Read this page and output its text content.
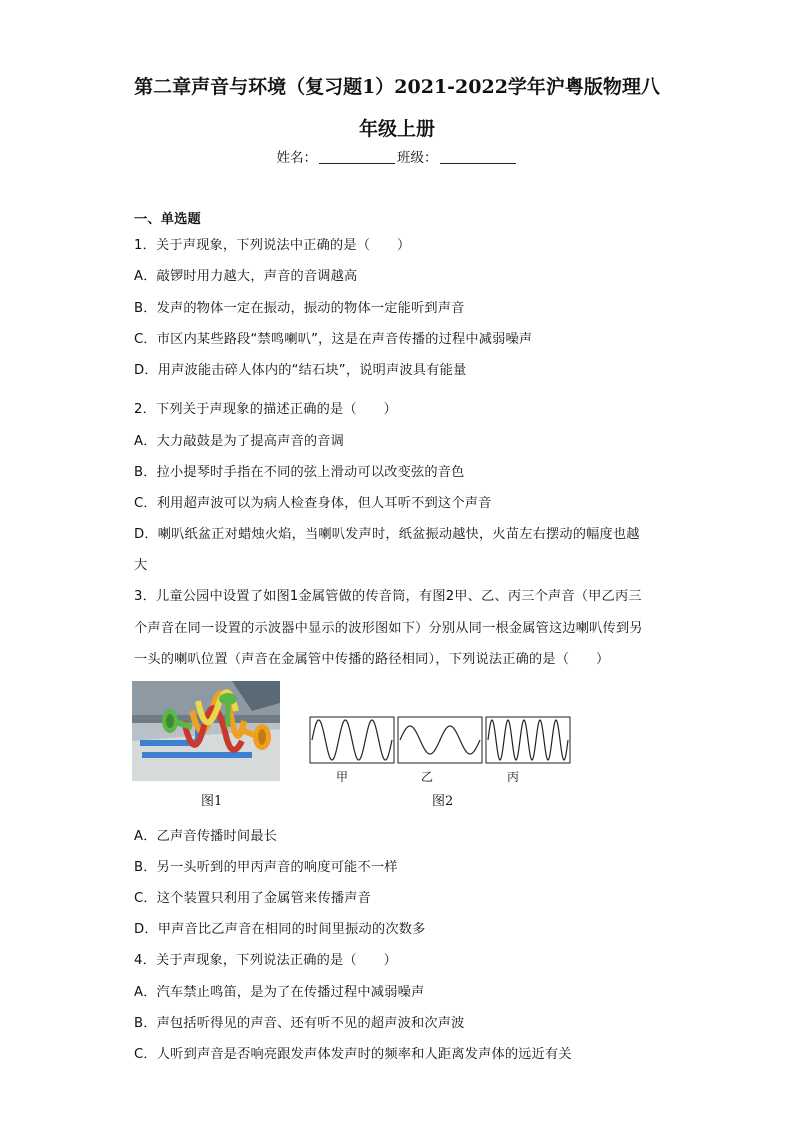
第二章声音与环境（复习题1）2021-2022学年沪粤版物理八
年级上册
姓名：	班级：
一、单选题
1．关于声现象，下列说法中正确的是（　　）
A．敲锣时用力越大，声音的音调越高
B．发声的物体一定在振动，振动的物体一定能听到声音
C．市区内某些路段“禁鸣喇叭”，这是在声音传播的过程中减弱噪声
D．用声波能击碎人体内的“结石块”，说明声波具有能量
2．下列关于声现象的描述正确的是（　　）
A．大力敲鼓是为了提高声音的音调
B．拉小提琴时手指在不同的弦上滑动可以改变弦的音色
C．利用超声波可以为病人检查身体，但人耳听不到这个声音
D．喇叭纸盆正对蜡烛火焰，当喇叭发声时，纸盆振动越快，火苗左右摆动的幅度也越
大
3．儿童公园中设置了如图1金属管做的传音筒，有图2甲、乙、丙三个声音（甲乙丙三
个声音在同一设置的示波器中显示的波形图如下）分别从同一根金属管这边喇叭传到另
一头的喇叭位置（声音在金属管中传播的路径相同），下列说法正确的是（　　）
图1
甲	乙	丙
图2
A．乙声音传播时间最长
B．另一头听到的甲丙声音的响度可能不一样
C．这个装置只利用了金属管来传播声音
D．甲声音比乙声音在相同的时间里振动的次数多
4．关于声现象，下列说法正确的是（　　）
A．汽车禁止鸣笛，是为了在传播过程中减弱噪声
B．声包括听得见的声音、还有听不见的超声波和次声波
C．人听到声音是否响亮跟发声体发声时的频率和人距离发声体的远近有关
